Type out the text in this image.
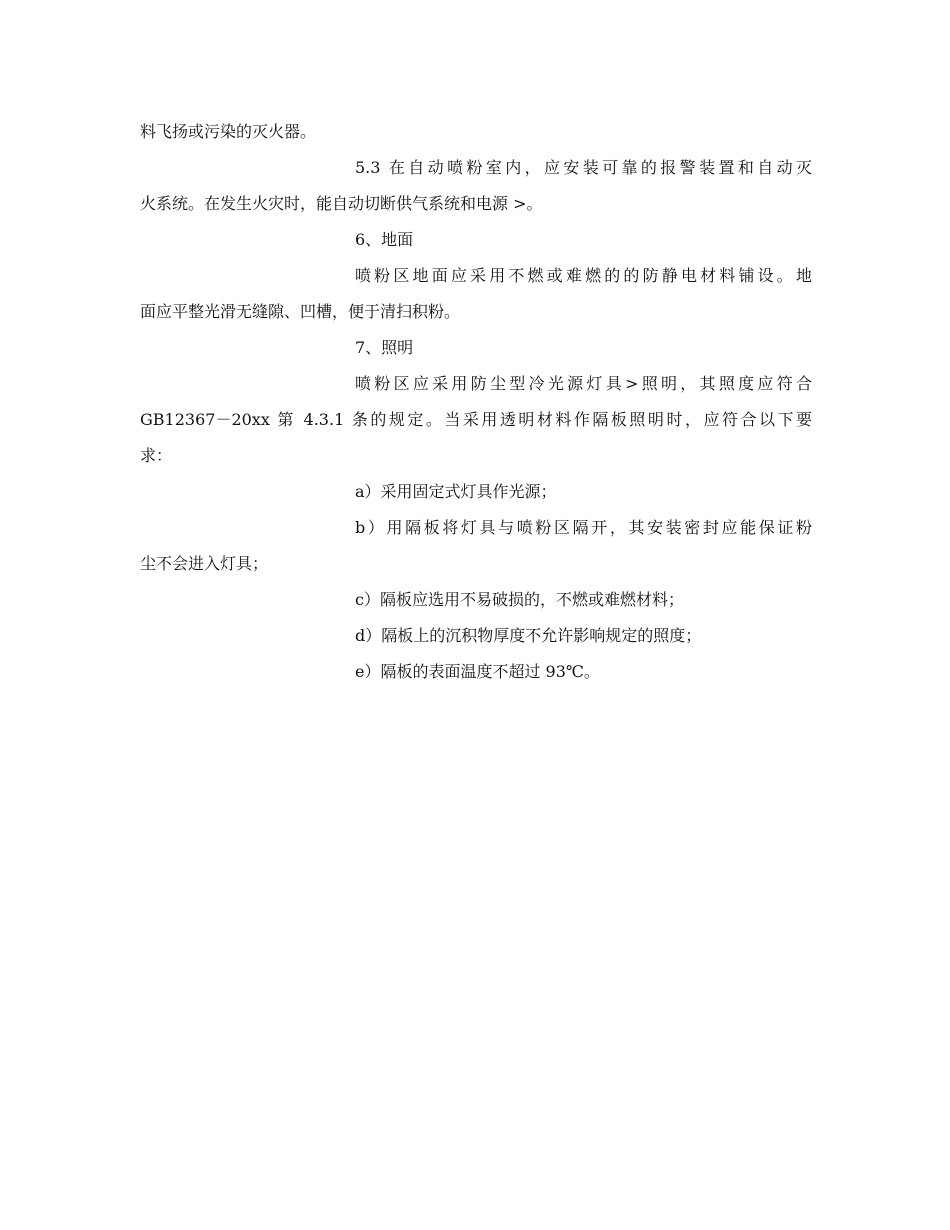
料飞扬或污染的灭火器。
5.3 在自动喷粉室内，应安装可靠的报警装置和自动灭
火系统。在发生火灾时，能自动切断供气系统和电源 >。
6、地面
喷粉区地面应采用不燃或难燃的的防静电材料铺设。地
面应平整光滑无缝隙、凹槽，便于清扫积粉。
7、照明
喷粉区应采用防尘型冷光源灯具>照明，其照度应符合
GB12367－20xx 第 4.3.1 条的规定。当采用透明材料作隔板照明时，应符合以下要
求：
a）采用固定式灯具作光源；
b）用隔板将灯具与喷粉区隔开，其安装密封应能保证粉
尘不会进入灯具；
c）隔板应选用不易破损的，不燃或难燃材料；
d）隔板上的沉积物厚度不允许影响规定的照度；
e）隔板的表面温度不超过 93℃。
